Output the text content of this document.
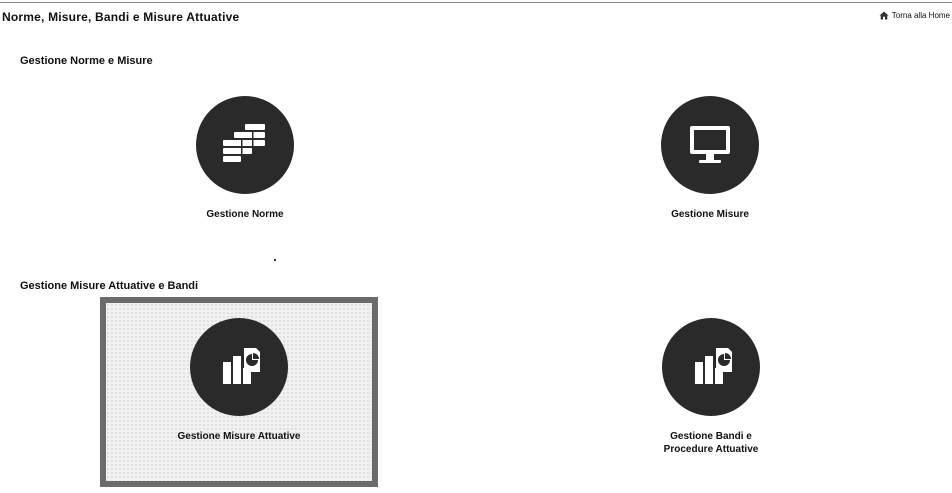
Norme, Misure, Bandi e Misure Attuative	Torna alla Home
Gestione Norme e Misure
Gestione Norme	Gestione Misure
Gestione Misure Attuative e Bandi
Gestione Misure Attuative	Gestione Bandi e
Procedure Attuative
